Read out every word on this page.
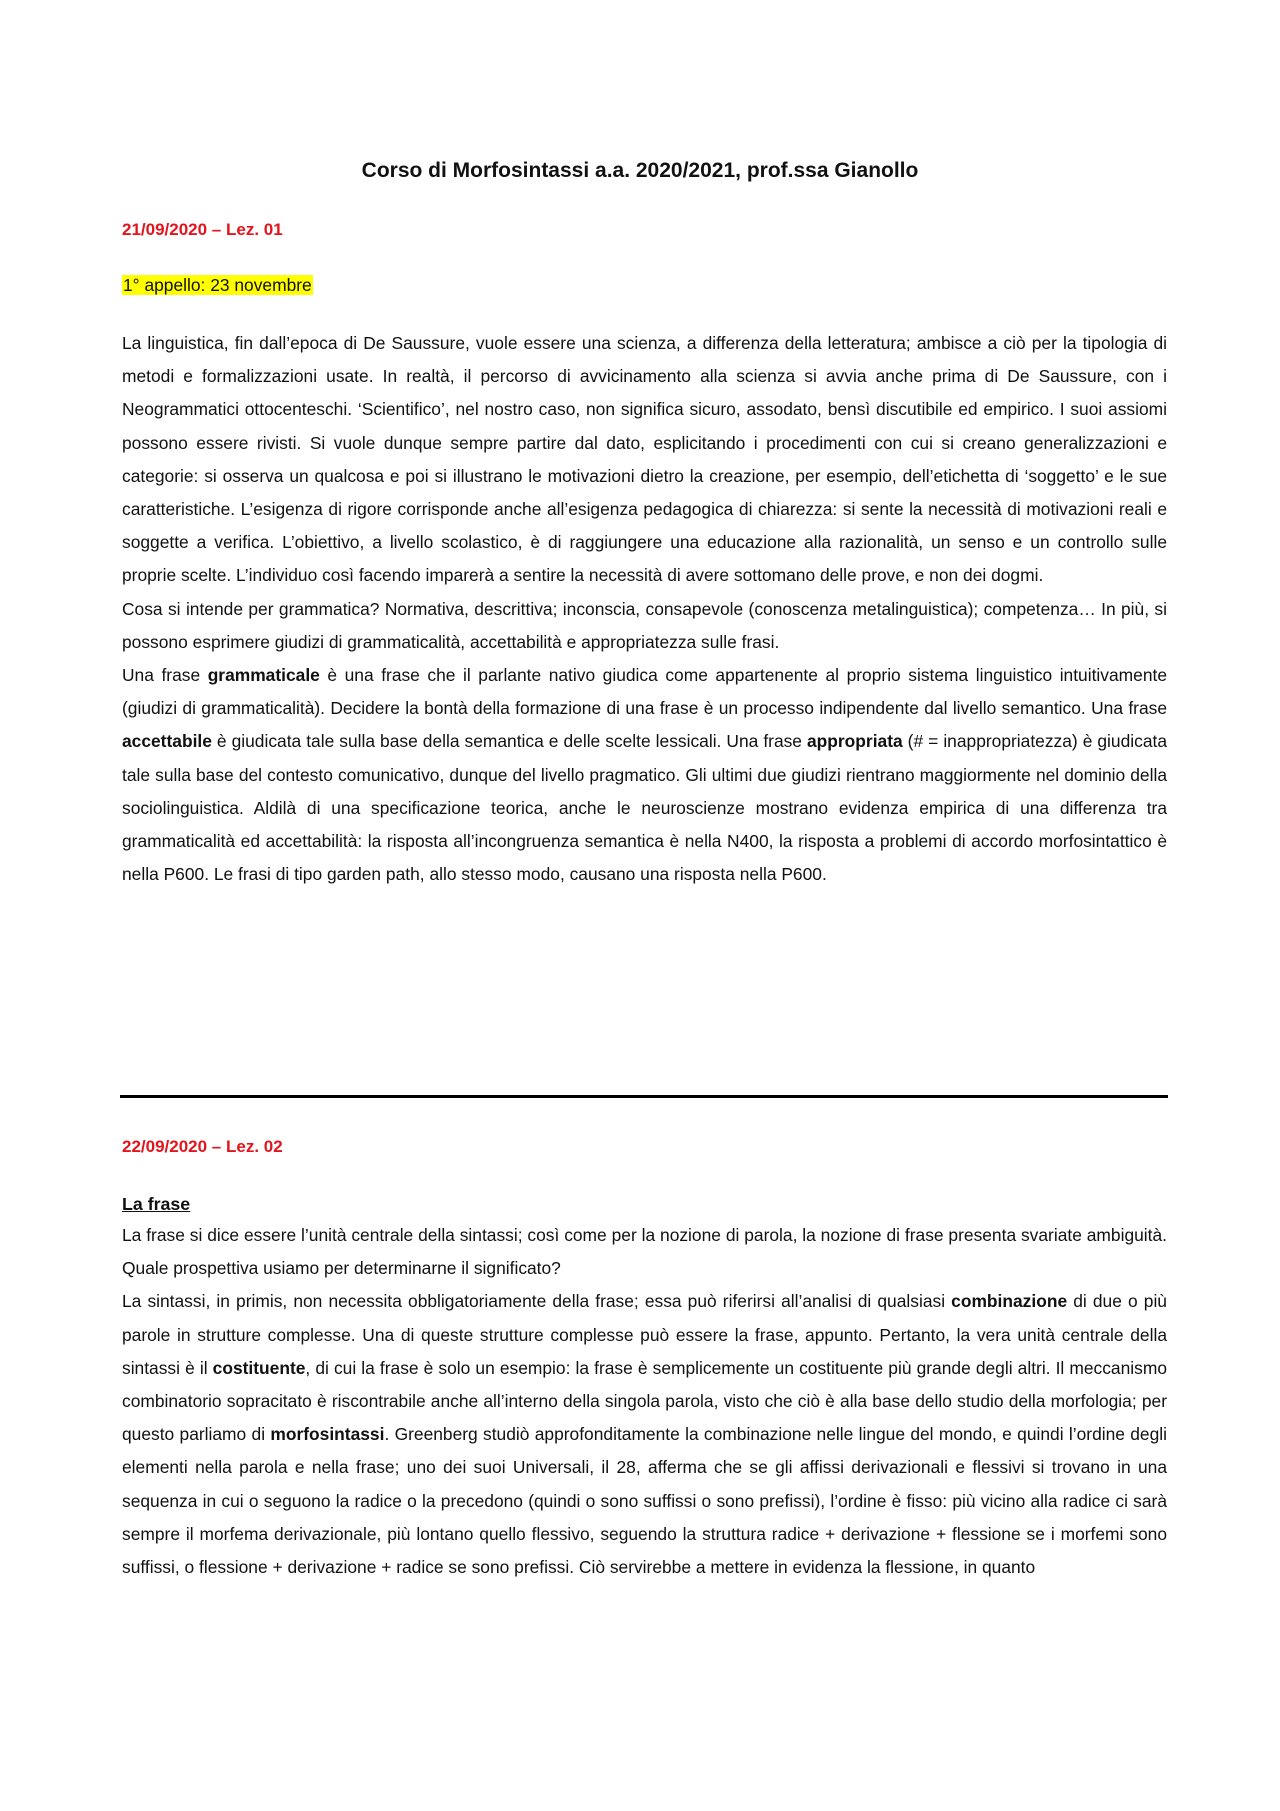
Corso di Morfosintassi a.a. 2020/2021, prof.ssa Gianollo
21/09/2020 – Lez. 01
1° appello: 23 novembre

La linguistica, fin dall’epoca di De Saussure, vuole essere una scienza, a differenza della letteratura; ambisce a ciò per la tipologia di metodi e formalizzazioni usate. In realtà, il percorso di avvicinamento alla scienza si avvia anche prima di De Saussure, con i Neogrammatici ottocenteschi. ‘Scientifico’, nel nostro caso, non significa sicuro, assodato, bensì discutibile ed empirico. I suoi assiomi possono essere rivisti. Si vuole dunque sempre partire dal dato, esplicitando i procedimenti con cui si creano generalizzazioni e categorie: si osserva un qualcosa e poi si illustrano le motivazioni dietro la creazione, per esempio, dell’etichetta di ‘soggetto’ e le sue caratteristiche. L’esigenza di rigore corrisponde anche all’esigenza pedagogica di chiarezza: si sente la necessità di motivazioni reali e soggette a verifica. L’obiettivo, a livello scolastico, è di raggiungere una educazione alla razionalità, un senso e un controllo sulle proprie scelte. L’individuo così facendo imparerà a sentire la necessità di avere sottomano delle prove, e non dei dogmi.

Cosa si intende per grammatica? Normativa, descrittiva; inconscia, consapevole (conoscenza metalinguistica); competenza… In più, si possono esprimere giudizi di grammaticalità, accettabilità e appropriatezza sulle frasi.

Una frase grammaticale è una frase che il parlante nativo giudica come appartenente al proprio sistema linguistico intuitivamente (giudizi di grammaticalità). Decidere la bontà della formazione di una frase è un processo indipendente dal livello semantico. Una frase accettabile è giudicata tale sulla base della semantica e delle scelte lessicali. Una frase appropriata (# = inappropriatezza) è giudicata tale sulla base del contesto comunicativo, dunque del livello pragmatico. Gli ultimi due giudizi rientrano maggiormente nel dominio della sociolinguistica. Aldilà di una specificazione teorica, anche le neuroscienze mostrano evidenza empirica di una differenza tra grammaticalità ed accettabilità: la risposta all’incongruenza semantica è nella N400, la risposta a problemi di accordo morfosintattico è nella P600. Le frasi di tipo garden path, allo stesso modo, causano una risposta nella P600.

22/09/2020 – Lez. 02
La frase

La frase si dice essere l’unità centrale della sintassi; così come per la nozione di parola, la nozione di frase presenta svariate ambiguità. Quale prospettiva usiamo per determinarne il significato?

La sintassi, in primis, non necessita obbligatoriamente della frase; essa può riferirsi all’analisi di qualsiasi combinazione di due o più parole in strutture complesse. Una di queste strutture complesse può essere la frase, appunto. Pertanto, la vera unità centrale della sintassi è il costituente, di cui la frase è solo un esempio: la frase è semplicemente un costituente più grande degli altri. Il meccanismo combinatorio sopracitato è riscontrabile anche all’interno della singola parola, visto che ciò è alla base dello studio della morfologia; per questo parliamo di morfosintassi. Greenberg studiò approfonditamente la combinazione nelle lingue del mondo, e quindi l’ordine degli elementi nella parola e nella frase; uno dei suoi Universali, il 28, afferma che se gli affissi derivazionali e flessivi si trovano in una sequenza in cui o seguono la radice o la precedono (quindi o sono suffissi o sono prefissi), l’ordine è fisso: più vicino alla radice ci sarà sempre il morfema derivazionale, più lontano quello flessivo, seguendo la struttura radice + derivazione + flessione se i morfemi sono suffissi, o flessione + derivazione + radice se sono prefissi. Ciò servirebbe a mettere in evidenza la flessione, in quanto
